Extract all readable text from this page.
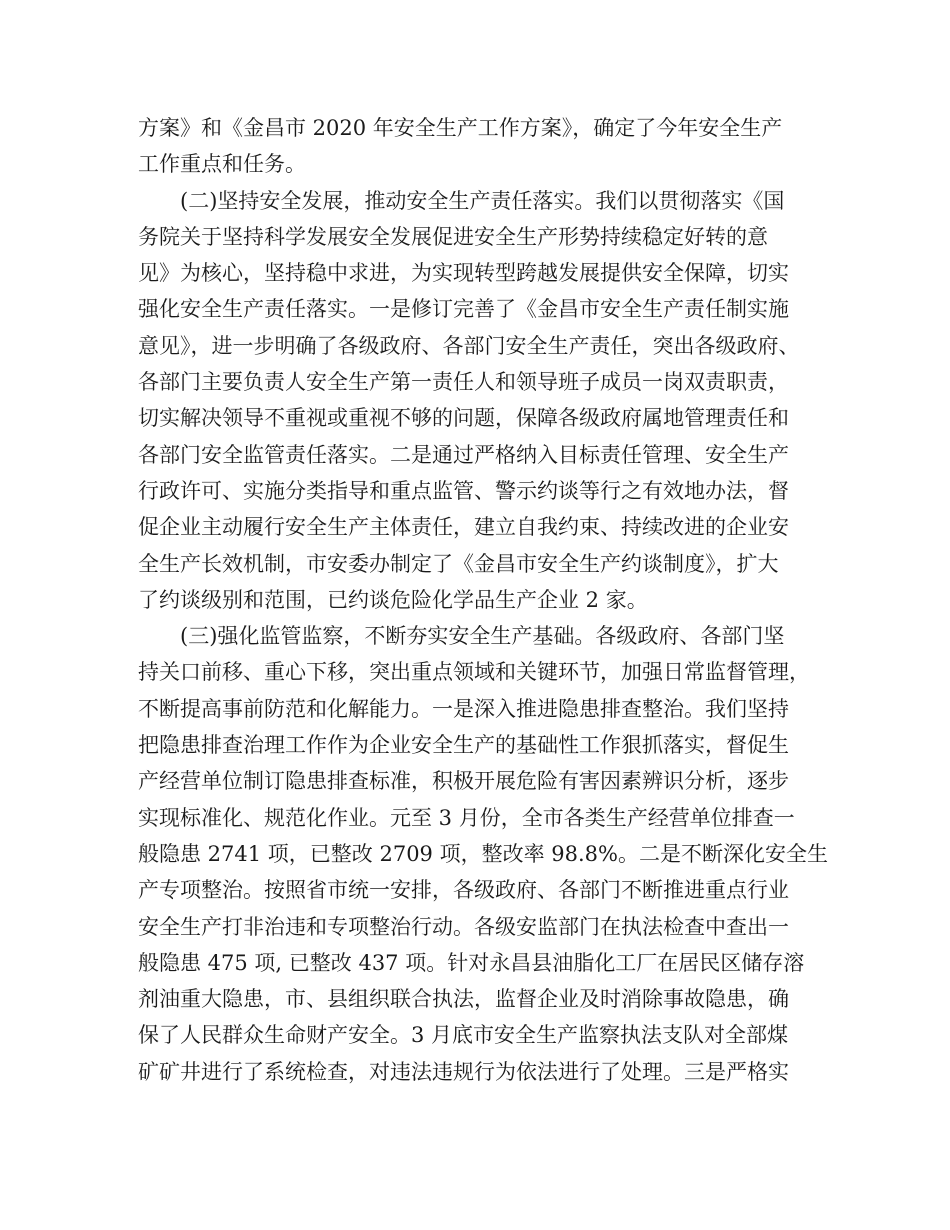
方案》和《金昌市 2020 年安全生产工作方案》，确定了今年安全生产
工作重点和任务。
　　(二)坚持安全发展，推动安全生产责任落实。我们以贯彻落实《国
务院关于坚持科学发展安全发展促进安全生产形势持续稳定好转的意
见》为核心，坚持稳中求进，为实现转型跨越发展提供安全保障，切实
强化安全生产责任落实。一是修订完善了《金昌市安全生产责任制实施
意见》，进一步明确了各级政府、各部门安全生产责任，突出各级政府、
各部门主要负责人安全生产第一责任人和领导班子成员一岗双责职责，
切实解决领导不重视或重视不够的问题，保障各级政府属地管理责任和
各部门安全监管责任落实。二是通过严格纳入目标责任管理、安全生产
行政许可、实施分类指导和重点监管、警示约谈等行之有效地办法，督
促企业主动履行安全生产主体责任，建立自我约束、持续改进的企业安
全生产长效机制，市安委办制定了《金昌市安全生产约谈制度》，扩大
了约谈级别和范围，已约谈危险化学品生产企业 2 家。
　　(三)强化监管监察，不断夯实安全生产基础。各级政府、各部门坚
持关口前移、重心下移，突出重点领域和关键环节，加强日常监督管理，
不断提高事前防范和化解能力。一是深入推进隐患排查整治。我们坚持
把隐患排查治理工作作为企业安全生产的基础性工作狠抓落实，督促生
产经营单位制订隐患排查标准，积极开展危险有害因素辨识分析，逐步
实现标准化、规范化作业。元至 3 月份，全市各类生产经营单位排查一
般隐患 2741 项，已整改 2709 项，整改率 98.8%。二是不断深化安全生
产专项整治。按照省市统一安排，各级政府、各部门不断推进重点行业
安全生产打非治违和专项整治行动。各级安监部门在执法检查中查出一
般隐患 475 项, 已整改 437 项。针对永昌县油脂化工厂在居民区储存溶
剂油重大隐患，市、县组织联合执法，监督企业及时消除事故隐患，确
保了人民群众生命财产安全。3 月底市安全生产监察执法支队对全部煤
矿矿井进行了系统检查，对违法违规行为依法进行了处理。三是严格实
